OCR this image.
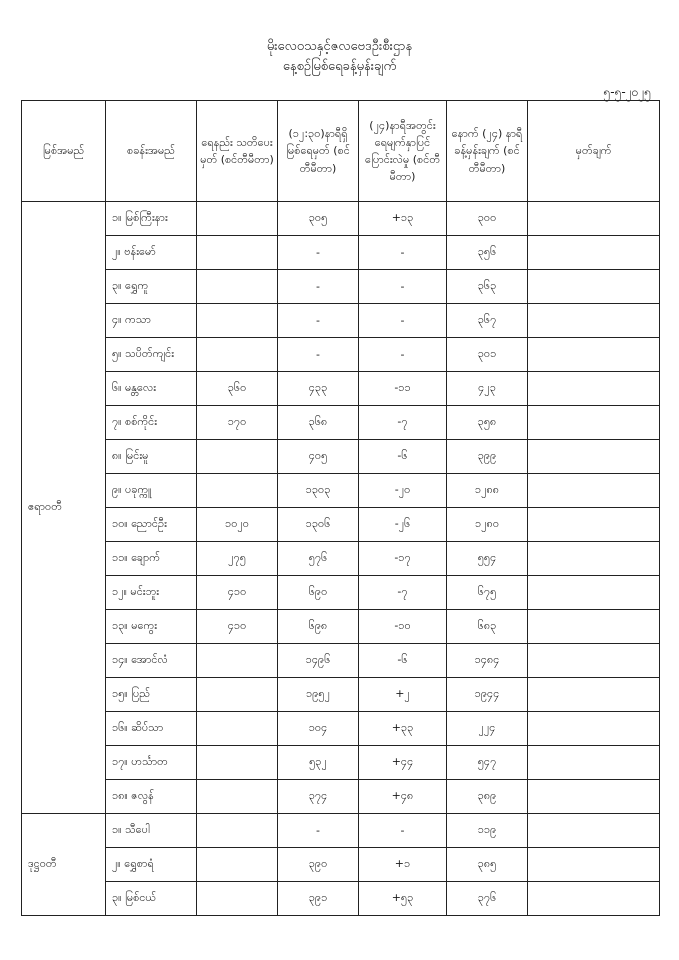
မိုးလေဝသနှင့်ဇလဗေဒဦးစီးဌာန
နေ့စဉ်မြစ်ရေခန့်မှန်းချက်
၅-၅-၂၀၂၅
မြစ်အမည်	စခန်းအမည်	ရေနည်း သတိပေးမှတ် (စင်တီမီတာ)	(၁၂:၃၀)နာရီရှိ မြစ်ရေမှတ် (စင်တီမီတာ)	(၂၄)နာရီအတွင်း ရေမျက်နှာပြင် ပြောင်းလဲမှု (စင်တီမီတာ)	နောက် (၂၄) နာရီ ခန့်မှန်းချက် (စင်တီမီတာ)	မှတ်ချက်
ဧရာဝတီ	၁။ မြစ်ကြီးနား		၃၀၅	+၁၃	၃၀၀	
	၂။ ဗန်းမော်		-	-	၃၅၆	
	၃။ ရွှေကူ		-	-	၃၆၃	
	၄။ ကသာ		-	-	၃၆၇	
	၅။ သပိတ်ကျင်း		-	-	၃၀၁	
	၆။ မန္တလေး	၃၆၀	၄၃၃	-၁၁	၄၂၃	
	၇။ စစ်ကိုင်း	၁၇၀	၃၆၈	-၇	၃၅၈	
	၈။ မြင်းမူ		၄၀၅	-၆	၃၉၉	
	၉။ ပခုက္ကူ		၁၃၀၃	-၂၀	၁၂၈၈	
	၁၀။ ညောင်ဦး	၁၀၂၀	၁၃၀၆	-၂၆	၁၂၈၀	
	၁၁။ ချောက်	၂၇၅	၅၇၆	-၁၇	၅၅၄	
	၁၂။ မင်းဘူး	၄၁၀	၆၉၀	-၇	၆၇၅	
	၁၃။ မကွေး	၄၁၀	၆၉၈	-၁၀	၆၈၃	
	၁၄။ အောင်လံ		၁၄၉၆	-၆	၁၄၈၄	
	၁၅။ ပြည်		၁၉၅၂	+၂	၁၉၄၄	
	၁၆။ ဆိပ်သာ		၁၀၄	+၃၃	၂၂၄	
	၁၇။ ဟင်္သာတ		၅၃၂	+၄၄	၅၄၇	
	၁၈။ ဇလွန်		၃၇၄	+၄၈	၃၈၉	
ဒုဋ္ဌဝတီ	၁။ သီပေါ		-	-	၁၁၉	
	၂။ ရွှေစာရံ		၃၉၀	+၁	၃၈၅	
	၃။ မြစ်ငယ်		၃၉၁	+၅၃	၃၇၆	
